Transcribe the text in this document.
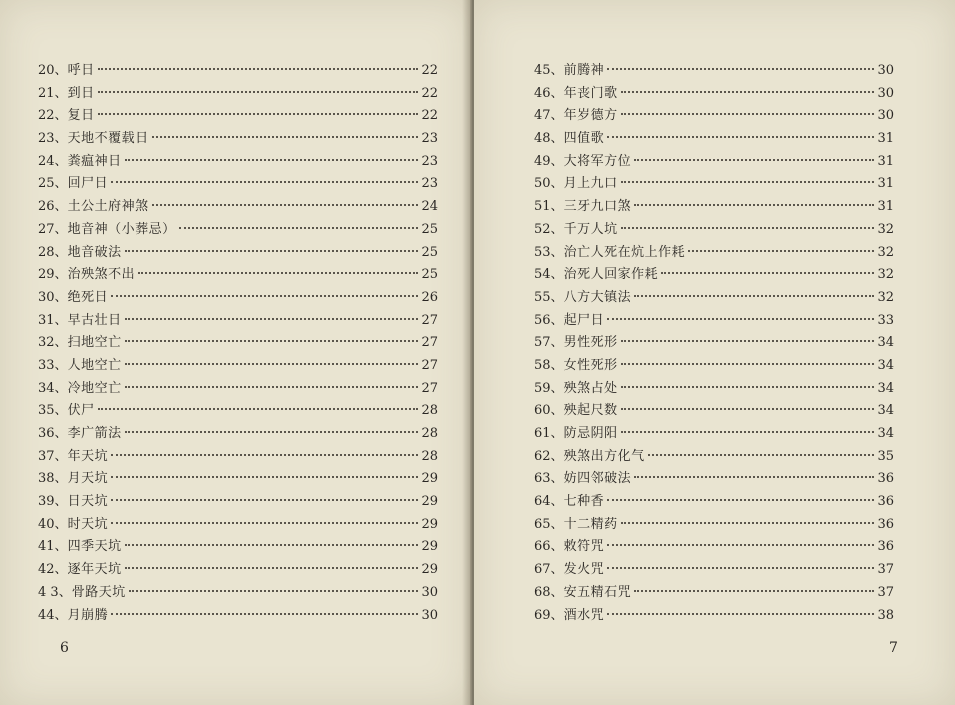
20 、 呼日	22
21 、 到日	22
22 、 复日	22
23 、 天地不覆载日	23
24 、 粪瘟神日	23
25 、 回尸日	23
26 、 土公土府神煞	24
27 、 地音神（小葬忌）	25
28 、 地音破法	25
29 、 治殃煞不出	25
30 、 绝死日	26
31 、 早古壮日	27
32 、 扫地空亡	27
33 、 人地空亡	27
34 、 冷地空亡	27
35 、 伏尸	28
36 、 李广箭法	28
37 、 年天坑	28
38 、 月天坑	29
39 、 日天坑	29
40 、 时天坑	29
41 、 四季天坑	29
42 、 逐年天坑	29
4 3 、 骨路天坑	30
44 、 月崩腾	30
6
45 、 前腾神	30
46 、 年丧门歌	30
47 、 年岁德方	30
48 、 四值歌	31
49 、 大将军方位	31
50 、 月上九口	31
51 、 三牙九口煞	31
52 、 千万人坑	32
53 、 治亡人死在炕上作耗	32
54 、 治死人回家作耗	32
55 、 八方大镇法	32
56 、 起尸日	33
57 、 男性死形	34
58 、 女性死形	34
59 、 殃煞占处	34
60 、 殃起尺数	34
61 、 防忌阴阳	34
62 、 殃煞出方化气	35
63 、 妨四邻破法	36
64 、 七种香	36
65 、 十二精药	36
66 、 敕符咒	36
67 、 发火咒	37
68 、 安五精石咒	37
69 、 酒水咒	38
7
